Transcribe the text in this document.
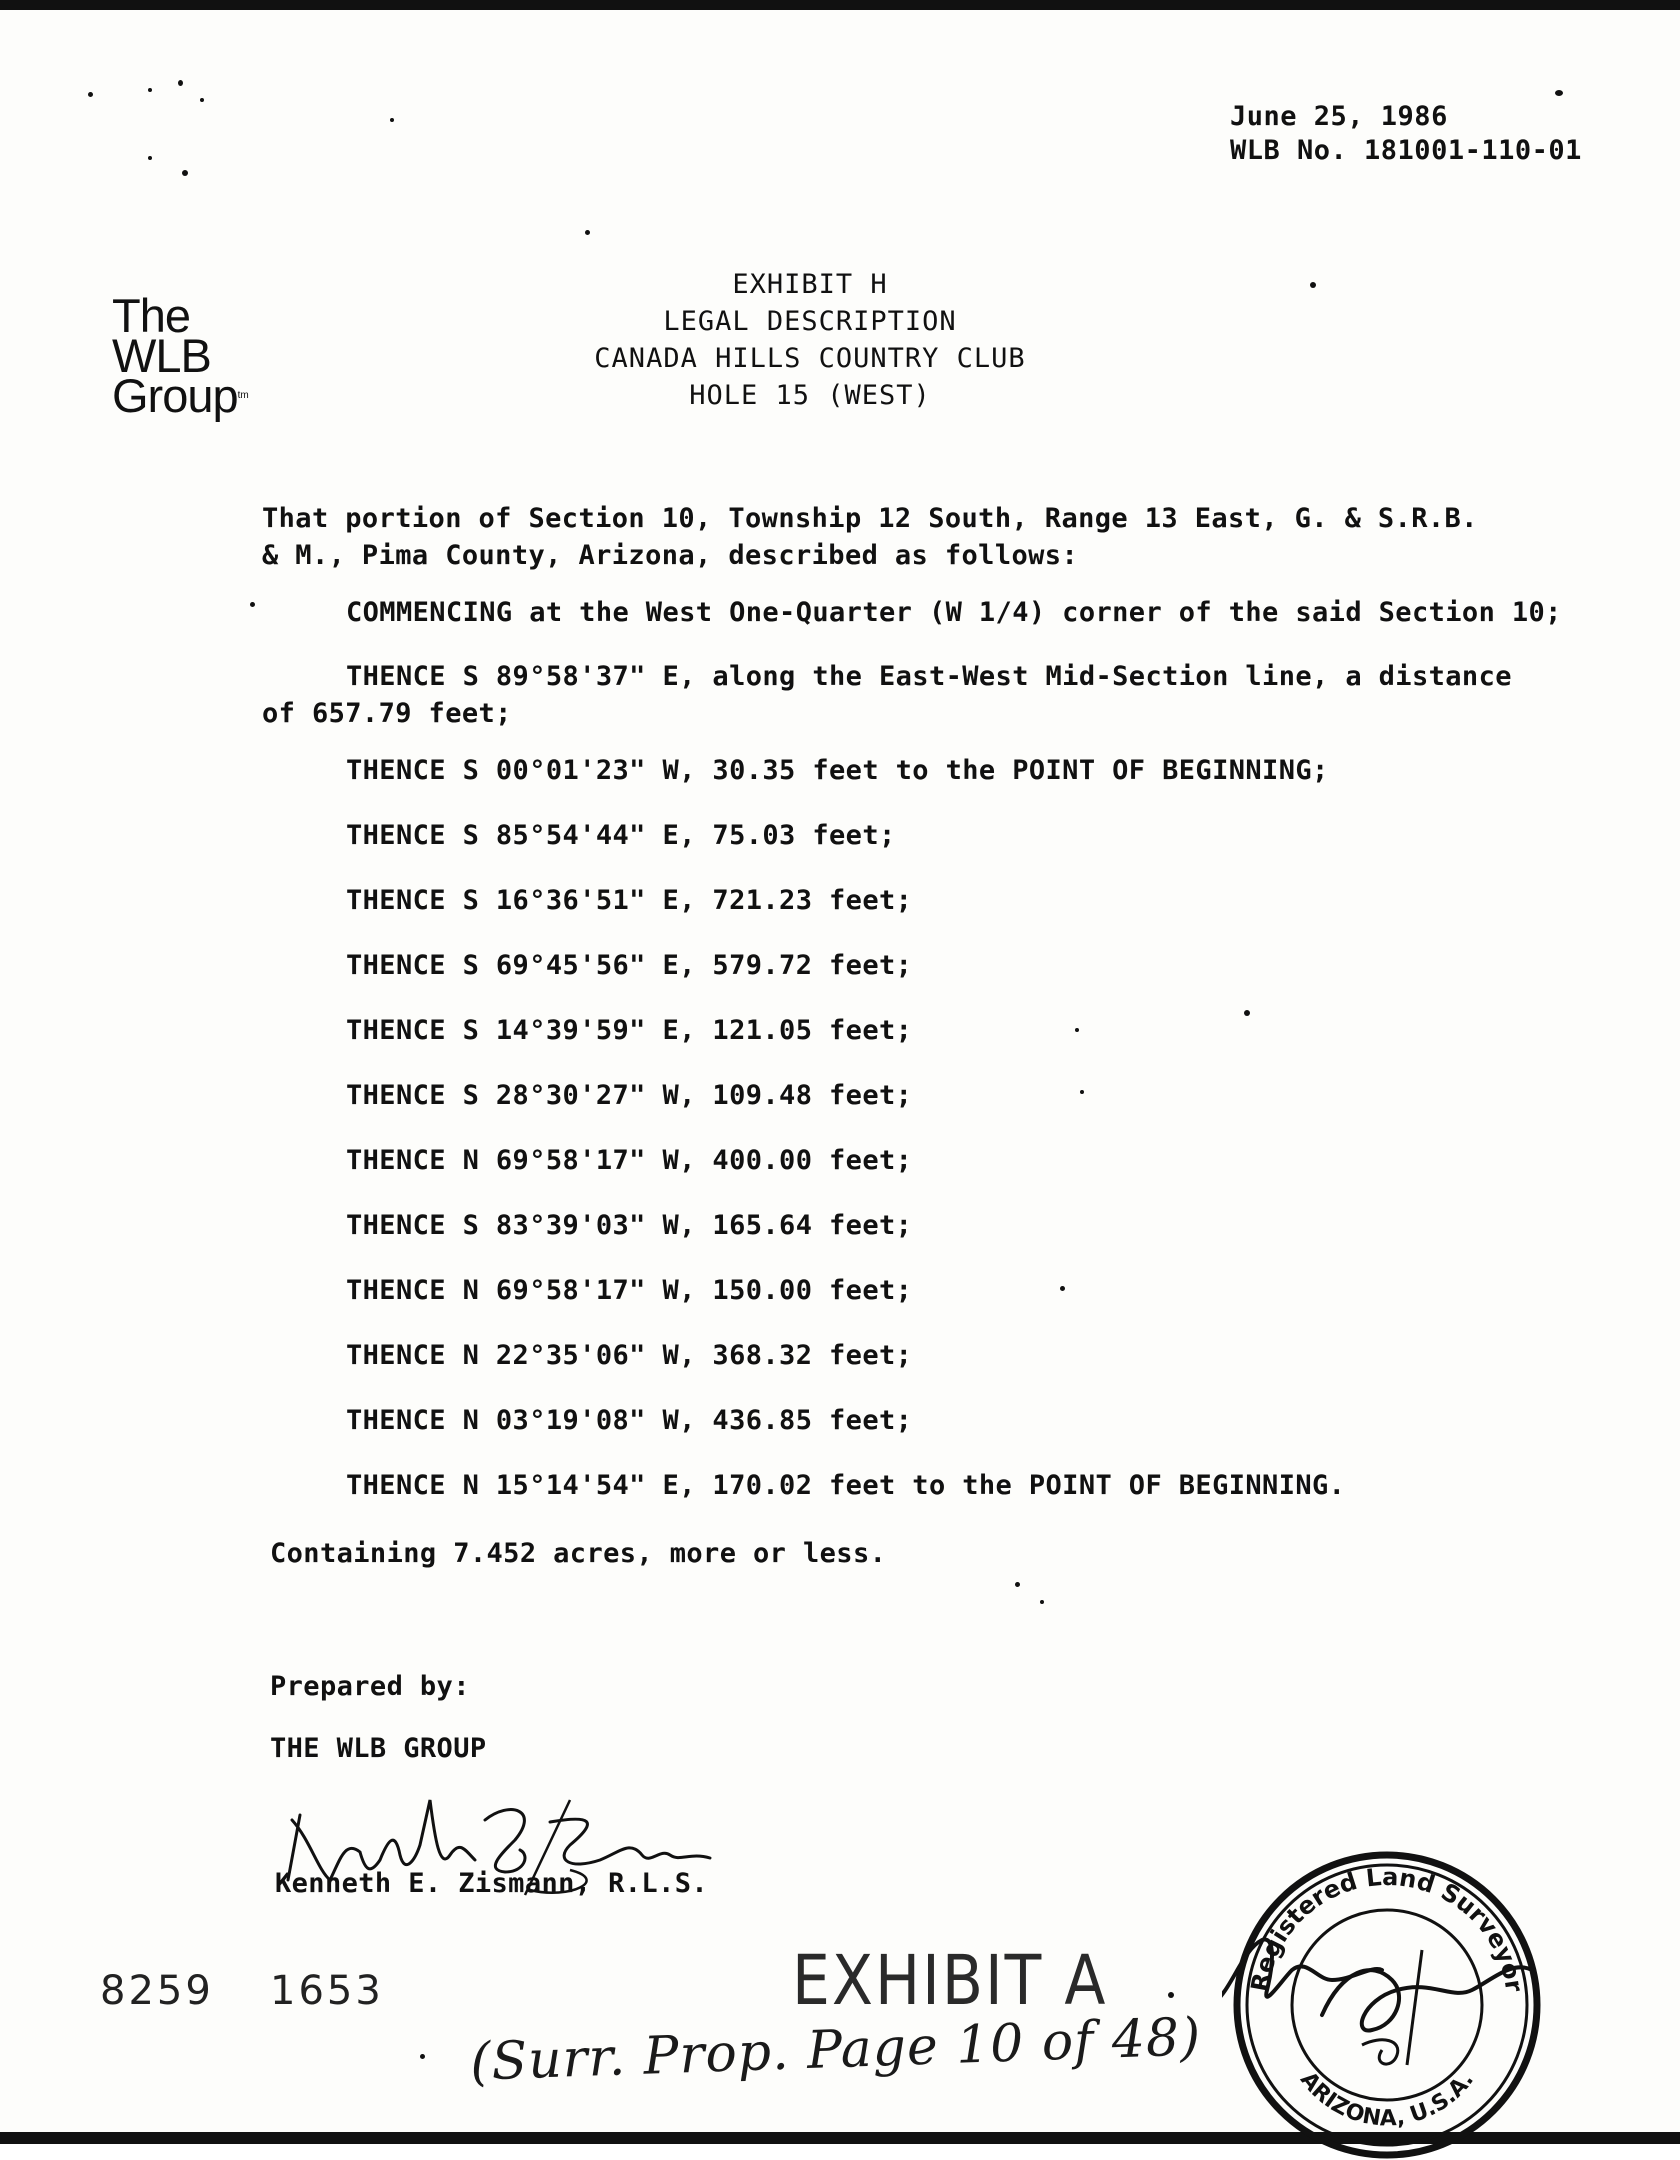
June 25, 1986
WLB No. 181001-110-01
The
WLB
Grouptm
EXHIBIT H
LEGAL DESCRIPTION
CANADA HILLS COUNTRY CLUB
HOLE 15 (WEST)
That portion of Section 10, Township 12 South, Range 13 East, G. & S.R.B.
& M., Pima County, Arizona, described as follows:
COMMENCING at the West One-Quarter (W 1/4) corner of the said Section 10;
THENCE S 89°58'37" E, along the East-West Mid-Section line, a distance
of 657.79 feet;
THENCE S 00°01'23" W, 30.35 feet to the POINT OF BEGINNING;
THENCE S 85°54'44" E, 75.03 feet;
THENCE S 16°36'51" E, 721.23 feet;
THENCE S 69°45'56" E, 579.72 feet;
THENCE S 14°39'59" E, 121.05 feet;
THENCE S 28°30'27" W, 109.48 feet;
THENCE N 69°58'17" W, 400.00 feet;
THENCE S 83°39'03" W, 165.64 feet;
THENCE N 69°58'17" W, 150.00 feet;
THENCE N 22°35'06" W, 368.32 feet;
THENCE N 03°19'08" W, 436.85 feet;
THENCE N 15°14'54" E, 170.02 feet to the POINT OF BEGINNING.
Containing 7.452 acres, more or less.
Prepared by:
THE WLB GROUP
Kenneth E. Zismann, R.L.S.
8259 1653	EXHIBIT A
(Surr. Prop. Page 10 of 48)
Registered Land Surveyor
ARIZONA, U.S.A.
